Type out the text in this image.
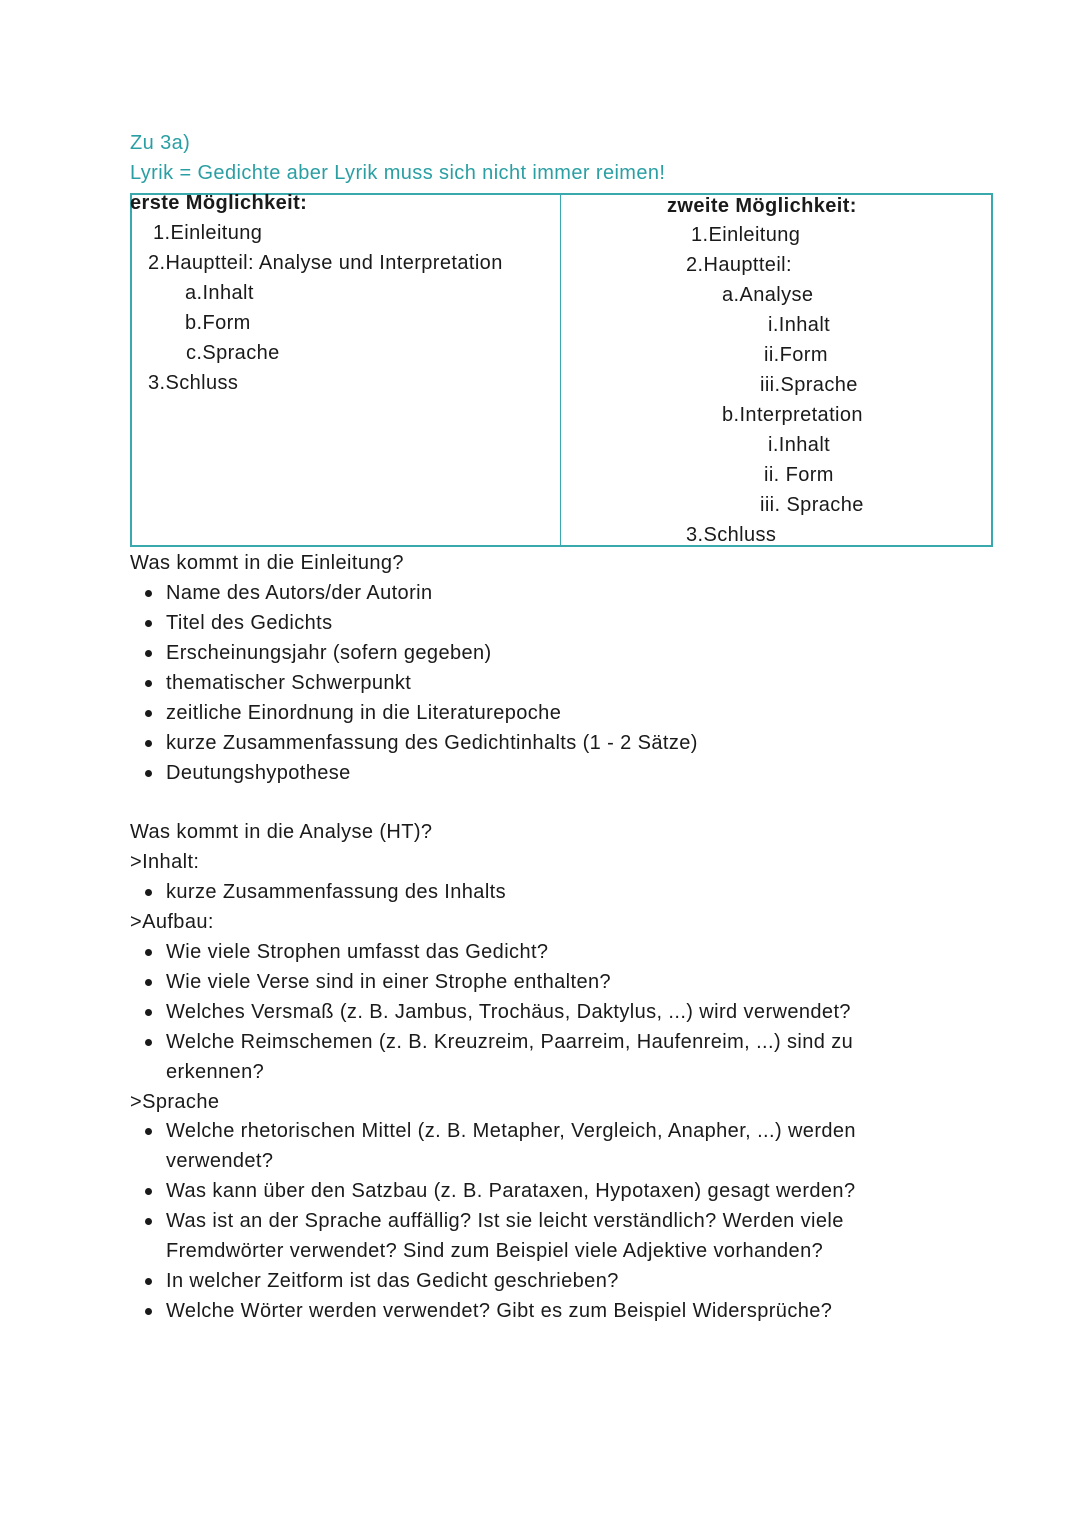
Zu 3a)
Lyrik = Gedichte aber Lyrik muss sich nicht immer reimen!
erste Möglichkeit:
1.Einleitung
2.Hauptteil: Analyse und Interpretation
a.Inhalt
b.Form
c.Sprache
3.Schluss
zweite Möglichkeit:
1.Einleitung
2.Hauptteil:
a.Analyse
i.Inhalt
ii.Form
iii.Sprache
b.Interpretation
i.Inhalt
ii. Form
iii. Sprache
3.Schluss
Was kommt in die Einleitung?
Name des Autors/der Autorin
Titel des Gedichts
Erscheinungsjahr (sofern gegeben)
thematischer Schwerpunkt
zeitliche Einordnung in die Literaturepoche
kurze Zusammenfassung des Gedichtinhalts (1 - 2 Sätze)
Deutungshypothese
Was kommt in die Analyse (HT)?
>Inhalt:
kurze Zusammenfassung des Inhalts
>Aufbau:
Wie viele Strophen umfasst das Gedicht?
Wie viele Verse sind in einer Strophe enthalten?
Welches Versmaß (z. B. Jambus, Trochäus, Daktylus, ...) wird verwendet?
Welche Reimschemen (z. B. Kreuzreim, Paarreim, Haufenreim, ...) sind zu
erkennen?
>Sprache
Welche rhetorischen Mittel (z. B. Metapher, Vergleich, Anapher, ...) werden
verwendet?
Was kann über den Satzbau (z. B. Parataxen, Hypotaxen) gesagt werden?
Was ist an der Sprache auffällig? Ist sie leicht verständlich? Werden viele
Fremdwörter verwendet? Sind zum Beispiel viele Adjektive vorhanden?
In welcher Zeitform ist das Gedicht geschrieben?
Welche Wörter werden verwendet? Gibt es zum Beispiel Widersprüche?
